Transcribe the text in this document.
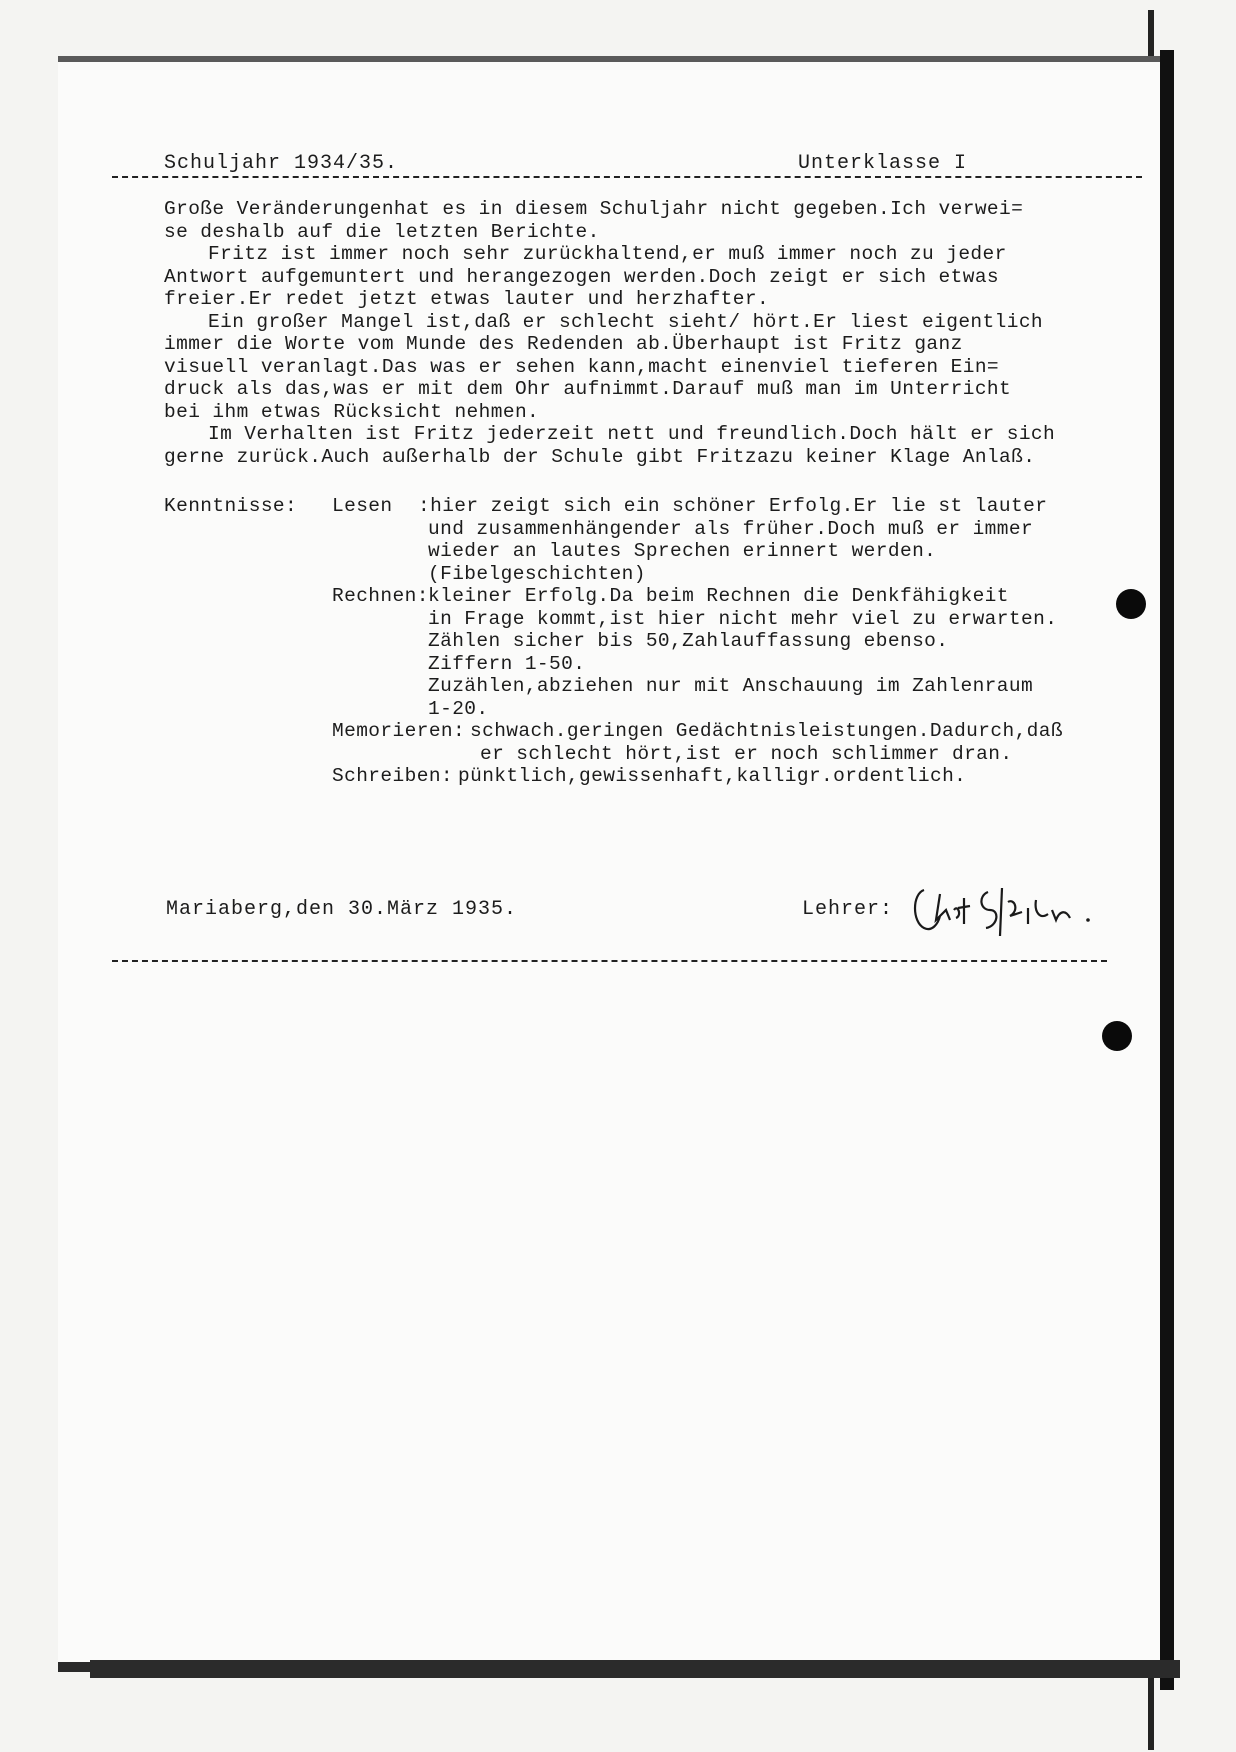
Schuljahr 1934/35.	Unterklasse I
Große Veränderungenhat es in diesem Schuljahr nicht gegeben.Ich verwei=
se deshalb auf die letzten Berichte.
Fritz ist immer noch sehr zurückhaltend,er muß immer noch zu jeder
Antwort aufgemuntert und herangezogen werden.Doch zeigt er sich etwas
freier.Er redet jetzt etwas lauter und herzhafter.
Ein großer Mangel ist,daß er schlecht sieht/ hört.Er liest eigentlich
immer die Worte vom Munde des Redenden ab.Überhaupt ist Fritz ganz
visuell veranlagt.Das was er sehen kann,macht einenviel tieferen Ein=
druck als das,was er mit dem Ohr aufnimmt.Darauf muß man im Unterricht
bei ihm etwas Rücksicht nehmen.
Im Verhalten ist Fritz jederzeit nett und freundlich.Doch hält er sich
gerne zurück.Auch außerhalb der Schule gibt Fritzazu keiner Klage Anlaß.
Kenntnisse: Lesen :hier zeigt sich ein schöner Erfolg.Er lie st lauter
und zusammenhängender als früher.Doch muß er immer
wieder an lautes Sprechen erinnert werden.
(Fibelgeschichten)
Rechnen: kleiner Erfolg.Da beim Rechnen die Denkfähigkeit
in Frage kommt,ist hier nicht mehr viel zu erwarten.
Zählen sicher bis 50,Zahlauffassung ebenso.
Ziffern 1-50.
Zuzählen,abziehen nur mit Anschauung im Zahlenraum
1-20.
Memorieren: schwach.geringen Gedächtnisleistungen.Dadurch,daß
er schlecht hört,ist er noch schlimmer dran.
Schreiben: pünktlich,gewissenhaft,kalligr.ordentlich.
Mariaberg,den 30.März 1935.	Lehrer:
